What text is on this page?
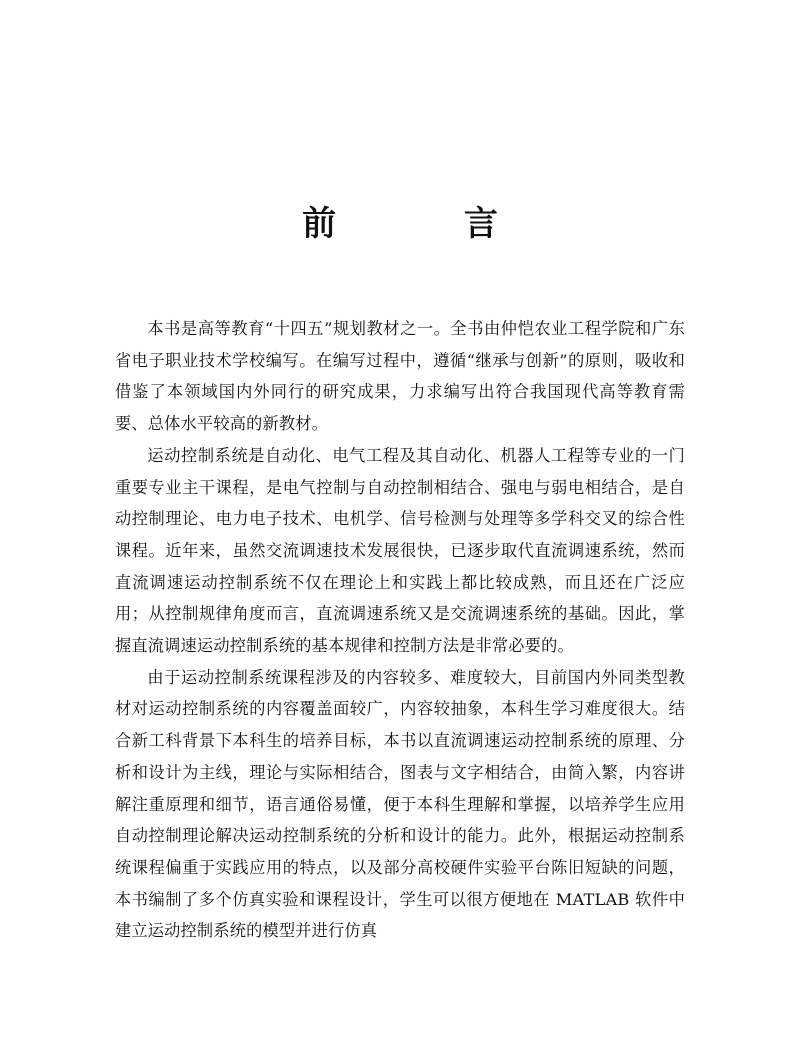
前 言

本书是高等教育“十四五”规划教材之一。全书由仲恺农业工程学院和广东省电子职业技术学校编写。在编写过程中，遵循“继承与创新”的原则，吸收和借鉴了本领域国内外同行的研究成果，力求编写出符合我国现代高等教育需要、总体水平较高的新教材。

运动控制系统是自动化、电气工程及其自动化、机器人工程等专业的一门重要专业主干课程，是电气控制与自动控制相结合、强电与弱电相结合，是自动控制理论、电力电子技术、电机学、信号检测与处理等多学科交叉的综合性课程。近年来，虽然交流调速技术发展很快，已逐步取代直流调速系统，然而直流调速运动控制系统不仅在理论上和实践上都比较成熟，而且还在广泛应用；从控制规律角度而言，直流调速系统又是交流调速系统的基础。因此，掌握直流调速运动控制系统的基本规律和控制方法是非常必要的。

由于运动控制系统课程涉及的内容较多、难度较大，目前国内外同类型教材对运动控制系统的内容覆盖面较广，内容较抽象，本科生学习难度很大。结合新工科背景下本科生的培养目标，本书以直流调速运动控制系统的原理、分析和设计为主线，理论与实际相结合，图表与文字相结合，由简入繁，内容讲解注重原理和细节，语言通俗易懂，便于本科生理解和掌握，以培养学生应用自动控制理论解决运动控制系统的分析和设计的能力。此外，根据运动控制系统课程偏重于实践应用的特点，以及部分高校硬件实验平台陈旧短缺的问题，本书编制了多个仿真实验和课程设计，学生可以很方便地在 MATLAB 软件中建立运动控制系统的模型并进行仿真
